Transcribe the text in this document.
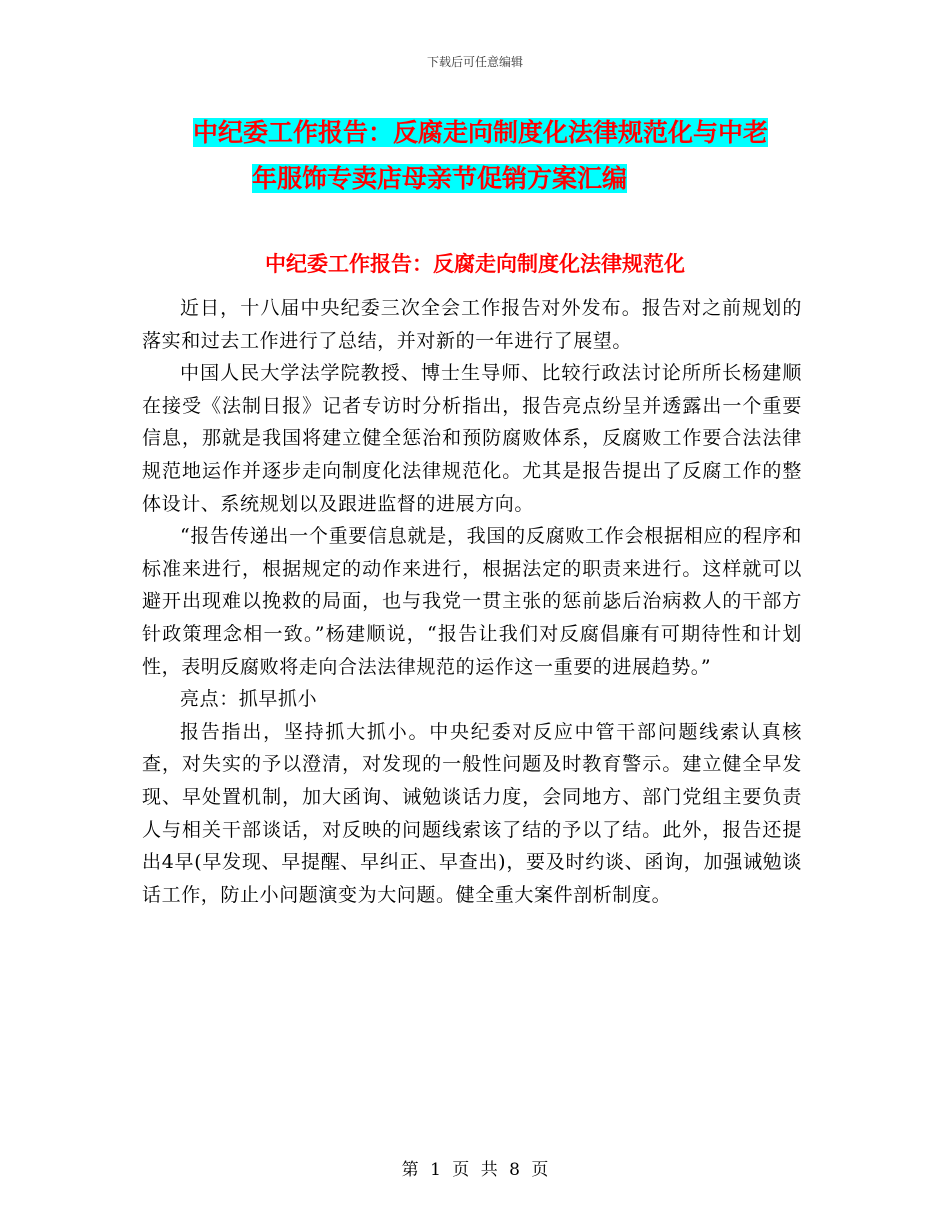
下载后可任意编辑
中纪委工作报告：反腐走向制度化法律规范化与中老
年服饰专卖店母亲节促销方案汇编
中纪委工作报告：反腐走向制度化法律规范化

近日，十八届中央纪委三次全会工作报告对外发布。报告对之前规划的落实和过去工作进行了总结，并对新的一年进行了展望。

中国人民大学法学院教授、博士生导师、比较行政法讨论所所长杨建顺在接受《法制日报》记者专访时分析指出，报告亮点纷呈并透露出一个重要信息，那就是我国将建立健全惩治和预防腐败体系，反腐败工作要合法法律规范地运作并逐步走向制度化法律规范化。尤其是报告提出了反腐工作的整体设计、系统规划以及跟进监督的进展方向。

“报告传递出一个重要信息就是，我国的反腐败工作会根据相应的程序和标准来进行，根据规定的动作来进行，根据法定的职责来进行。这样就可以避开出现难以挽救的局面，也与我党一贯主张的惩前毖后治病救人的干部方针政策理念相一致。”杨建顺说，“报告让我们对反腐倡廉有可期待性和计划性，表明反腐败将走向合法法律规范的运作这一重要的进展趋势。”

亮点：抓早抓小

报告指出，坚持抓大抓小。中央纪委对反应中管干部问题线索认真核查，对失实的予以澄清，对发现的一般性问题及时教育警示。建立健全早发现、早处置机制，加大函询、诫勉谈话力度，会同地方、部门党组主要负责人与相关干部谈话，对反映的问题线索该了结的予以了结。此外，报告还提出4早(早发现、早提醒、早纠正、早查出)，要及时约谈、函询，加强诫勉谈话工作，防止小问题演变为大问题。健全重大案件剖析制度。

第 1 页 共 8 页
